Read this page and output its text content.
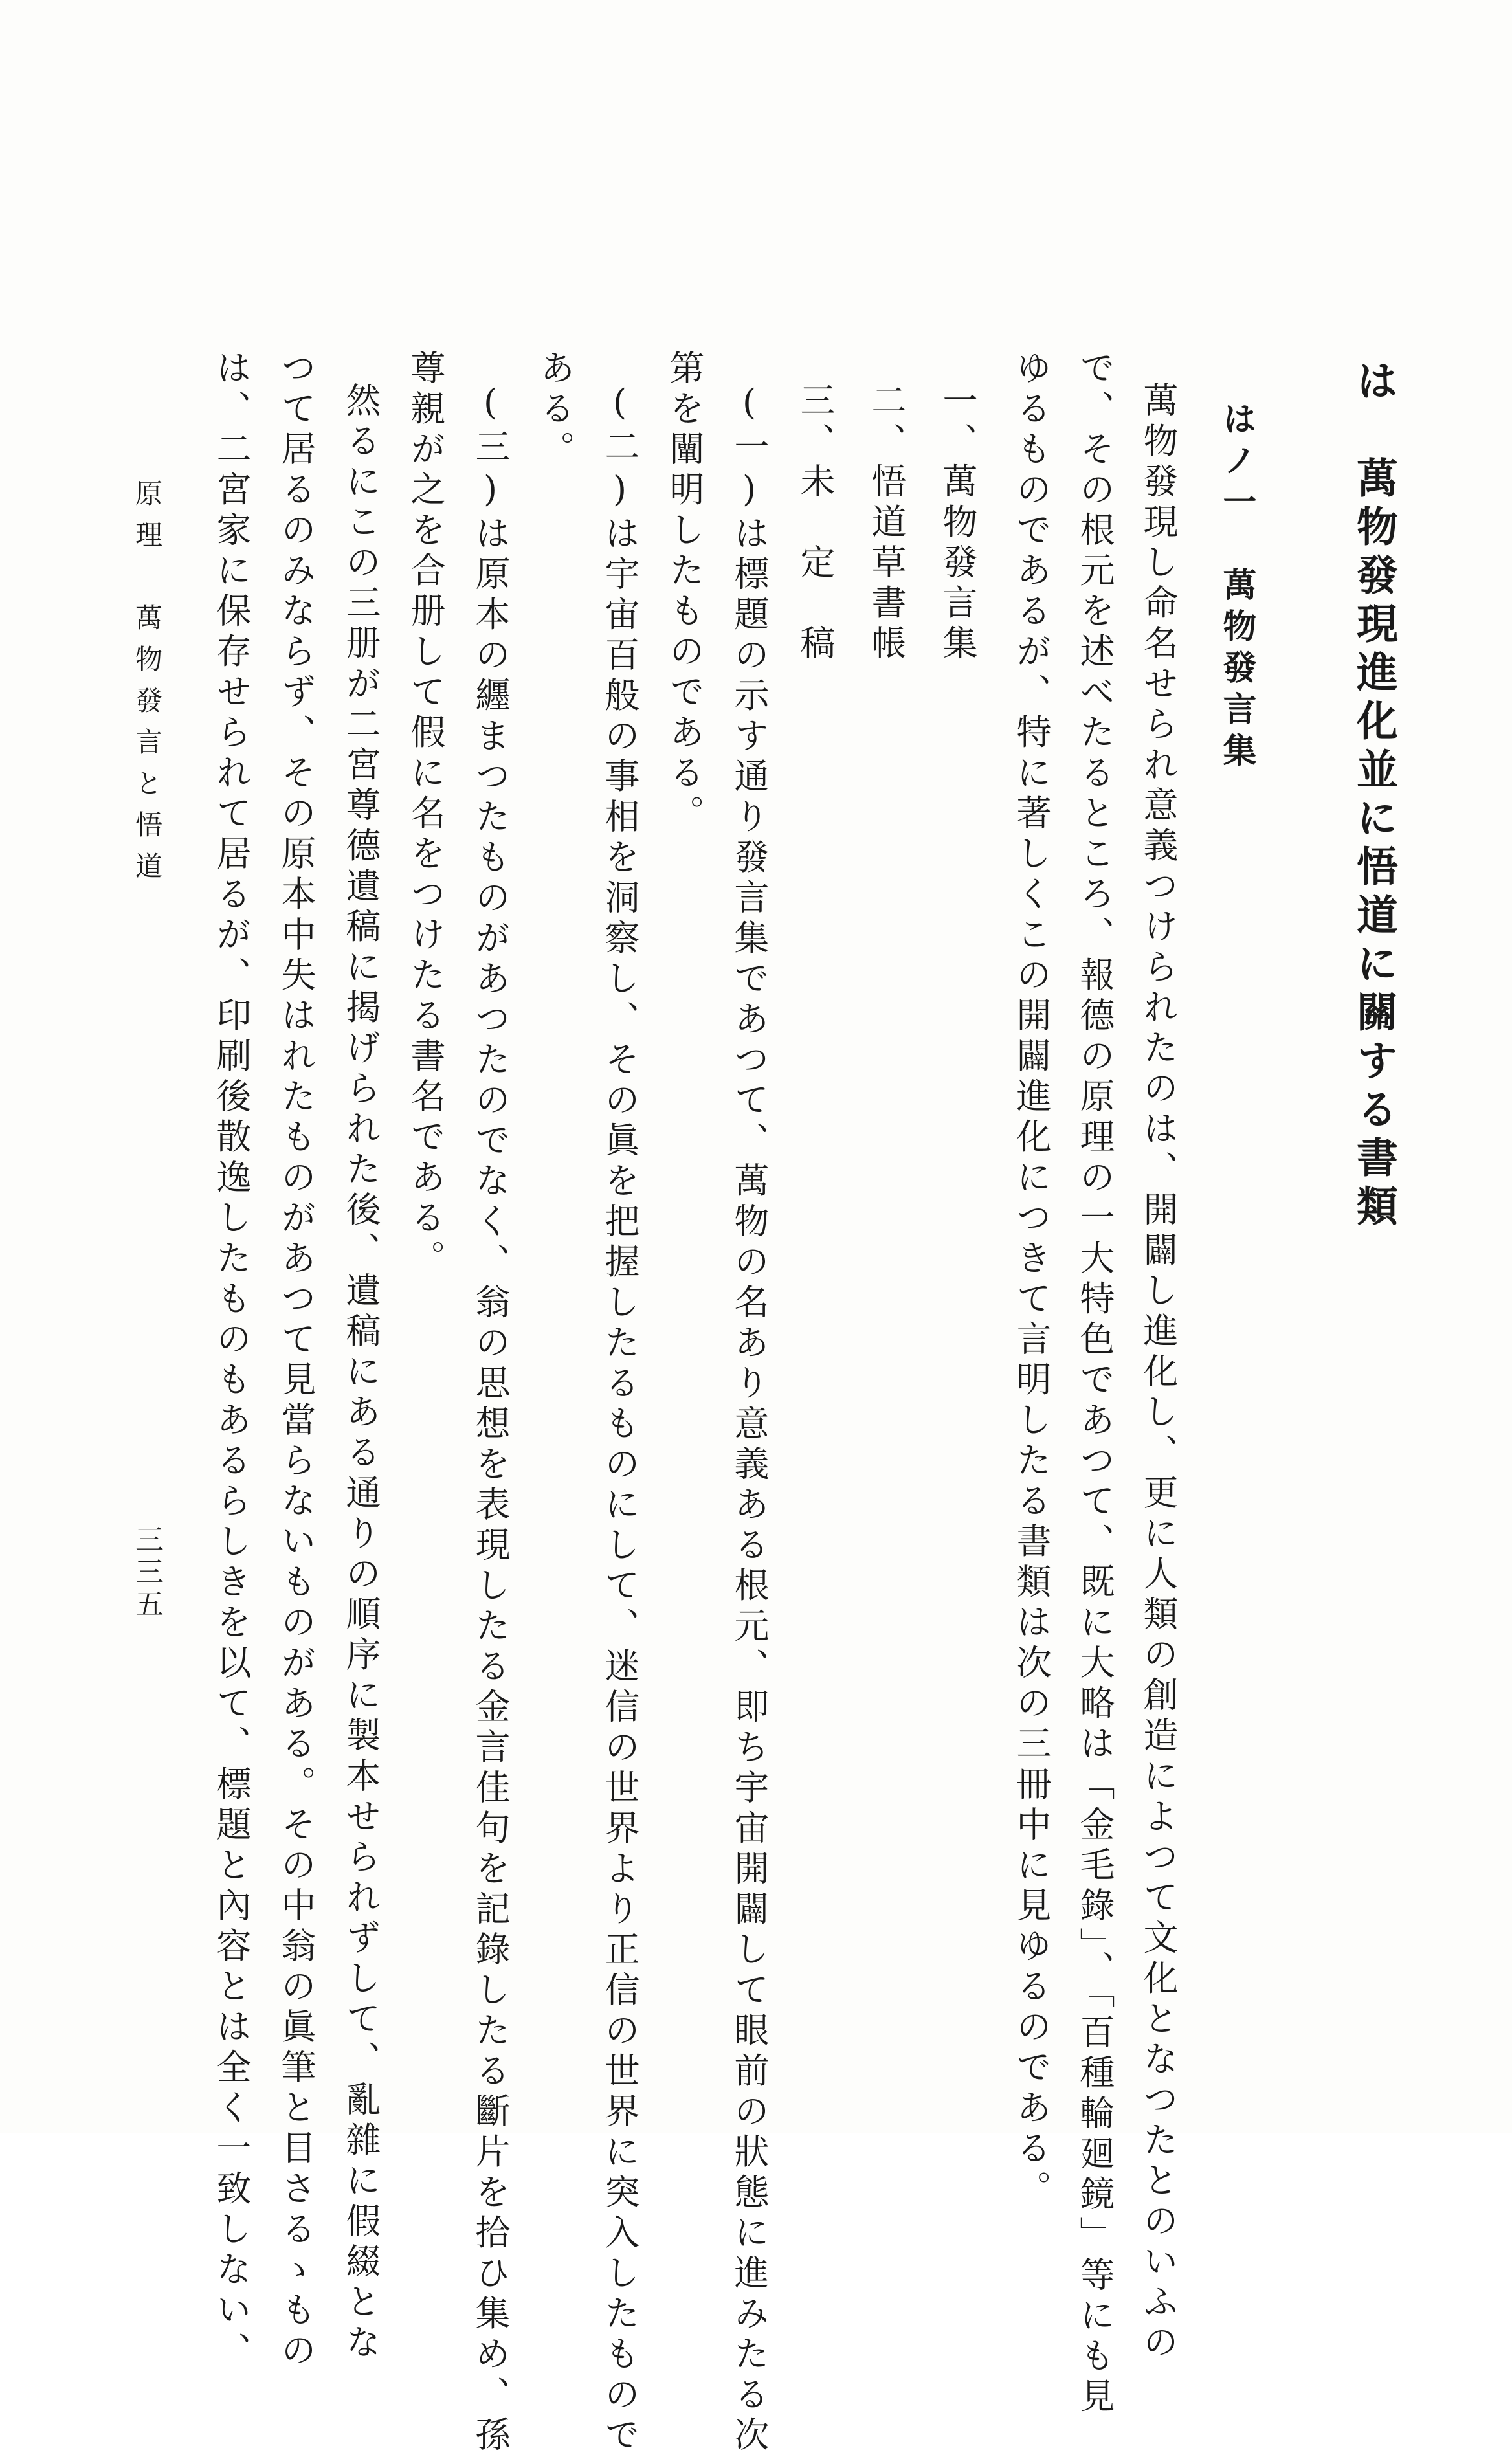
は　萬物發現進化並に悟道に關する書類
はノ一　萬物發言集
萬物發現し命名せられ意義つけられたのは、開闢し進化し、更に人類の創造によつて文化となつたとのいふの
で、その根元を述べたるところ、報德の原理の一大特色であつて、既に大略は「金毛錄」、「百種輪廻鏡」等にも見
ゆるものであるが、特に著しくこの開闢進化につきて言明したる書類は次の三冊中に見ゆるのである。
一、萬物發言集
二、悟道草書帳
三、未　定　稿
(一)は標題の示す通り發言集であつて、萬物の名あり意義ある根元、即ち宇宙開闢して眼前の狀態に進みたる次
第を闡明したものである。
(二)は宇宙百般の事相を洞察し、その眞を把握したるものにして、迷信の世界より正信の世界に突入したもので
ある。
(三)は原本の纒まつたものがあつたのでなく、翁の思想を表現したる金言佳句を記錄したる斷片を拾ひ集め、孫
尊親が之を合册して假に名をつけたる書名である。
然るにこの三册が二宮尊德遺稿に揭げられた後、遺稿にある通りの順序に製本せられずして、亂雜に假綴とな
つて居るのみならず、その原本中失はれたものがあつて見當らないものがある。その中翁の眞筆と目さるゝもの
は、二宮家に保存せられて居るが、印刷後散逸したものもあるらしきを以て、標題と內容とは全く一致しない、
原理　萬物發言と悟道
三三五
